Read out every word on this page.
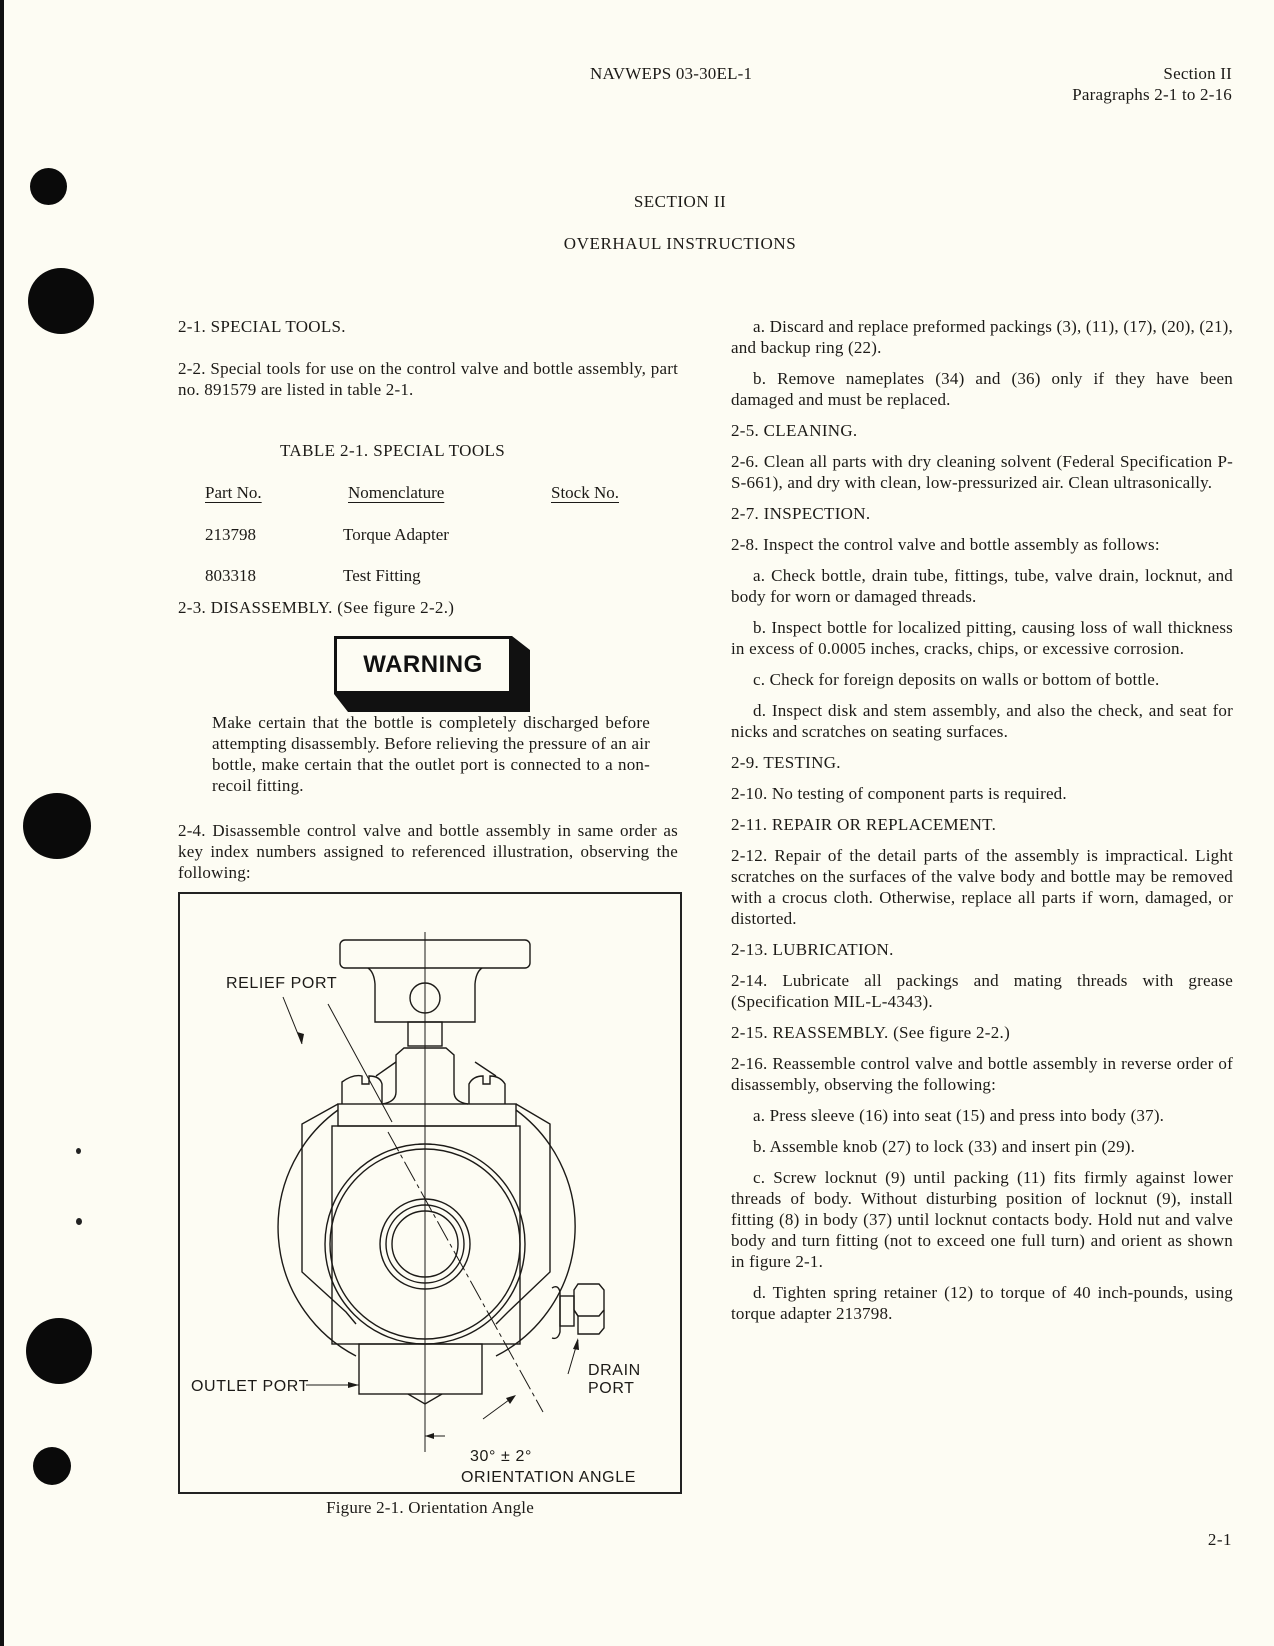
NAVWEPS 03-30EL-1	Section II
Paragraphs 2-1 to 2-16
SECTION II
OVERHAUL INSTRUCTIONS

2-1. SPECIAL TOOLS.

2-2. Special tools for use on the control valve and bottle assembly, part no. 891579 are listed in table 2-1.

TABLE 2-1. SPECIAL TOOLS
Part No.	Nomenclature	Stock No.
213798	Torque Adapter
803318	Test Fitting
2-3. DISASSEMBLY. (See figure 2-2.)
WARNING

Make certain that the bottle is completely discharged before attempting disassembly. Before relieving the pressure of an air bottle, make certain that the outlet port is connected to a non-recoil fitting.

2-4. Disassemble control valve and bottle assembly in same order as key index numbers assigned to referenced illustration, observing the following:

RELIEF PORT
OUTLET PORT
DRAIN
PORT
30° ± 2°
ORIENTATION ANGLE
Figure 2-1. Orientation Angle

a. Discard and replace preformed packings (3), (11), (17), (20), (21), and backup ring (22).

b. Remove nameplates (34) and (36) only if they have been damaged and must be replaced.

2-5. CLEANING.

2-6. Clean all parts with dry cleaning solvent (Federal Specification P-S-661), and dry with clean, low-pressurized air. Clean ultrasonically.

2-7. INSPECTION.

2-8. Inspect the control valve and bottle assembly as follows:

a. Check bottle, drain tube, fittings, tube, valve drain, locknut, and body for worn or damaged threads.

b. Inspect bottle for localized pitting, causing loss of wall thickness in excess of 0.0005 inches, cracks, chips, or excessive corrosion.

c. Check for foreign deposits on walls or bottom of bottle.

d. Inspect disk and stem assembly, and also the check, and seat for nicks and scratches on seating surfaces.

2-9. TESTING.

2-10. No testing of component parts is required.

2-11. REPAIR OR REPLACEMENT.

2-12. Repair of the detail parts of the assembly is impractical. Light scratches on the surfaces of the valve body and bottle may be removed with a crocus cloth. Otherwise, replace all parts if worn, damaged, or distorted.

2-13. LUBRICATION.

2-14. Lubricate all packings and mating threads with grease (Specification MIL-L-4343).

2-15. REASSEMBLY. (See figure 2-2.)

2-16. Reassemble control valve and bottle assembly in reverse order of disassembly, observing the following:

a. Press sleeve (16) into seat (15) and press into body (37).

b. Assemble knob (27) to lock (33) and insert pin (29).

c. Screw locknut (9) until packing (11) fits firmly against lower threads of body. Without disturbing position of locknut (9), install fitting (8) in body (37) until locknut contacts body. Hold nut and valve body and turn fitting (not to exceed one full turn) and orient as shown in figure 2-1.

d. Tighten spring retainer (12) to torque of 40 inch-pounds, using torque adapter 213798.

2-1
